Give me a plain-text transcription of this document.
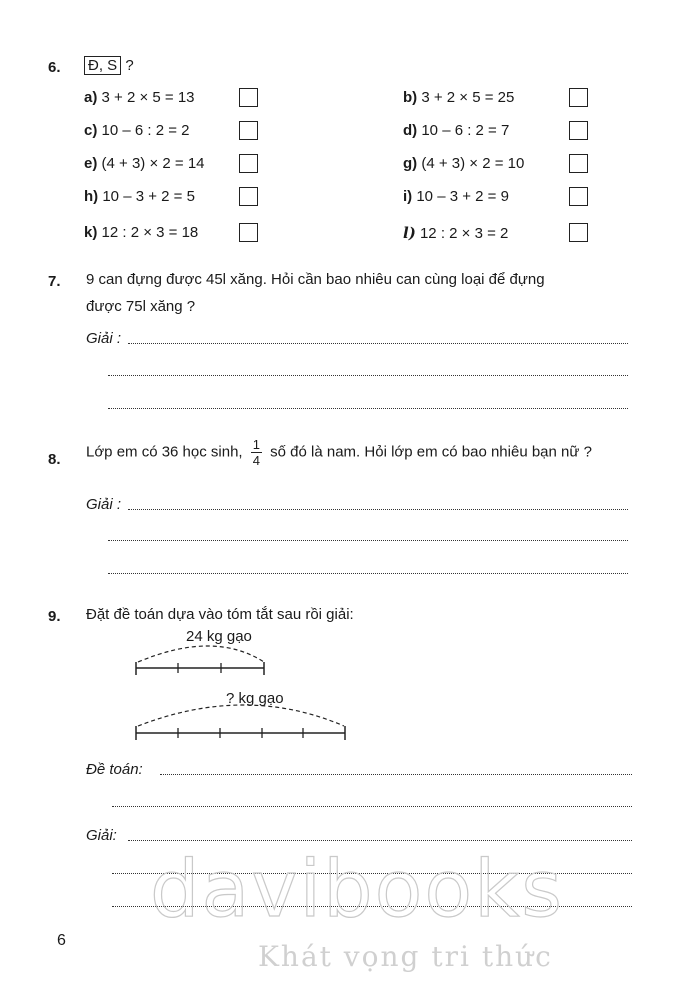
6. Đ, S ?
a) 3 + 2 × 5 = 13	b) 3 + 2 × 5 = 25
c) 10 – 6 : 2 = 2	d) 10 – 6 : 2 = 7
e) (4 + 3) × 2 = 14	g) (4 + 3) × 2 = 10
h) 10 – 3 + 2 = 5	i) 10 – 3 + 2 = 9
k) 12 : 2 × 3 = 18	l) 12 : 2 × 3 = 2
7. 9 can đựng được 45l xăng. Hỏi cần bao nhiêu can cùng loại để đựng
được 75l xăng ?
Giải :
8. Lớp em có 36 học sinh, $\frac{1}{4}$ số đó là nam. Hỏi lớp em có bao nhiêu bạn nữ ?
Giải :
9. Đặt đề toán dựa vào tóm tắt sau rồi giải:
24 kg gạo
? kg gạo
Đề toán:
Giải:
6
davibooks
Khát vọng tri thức
